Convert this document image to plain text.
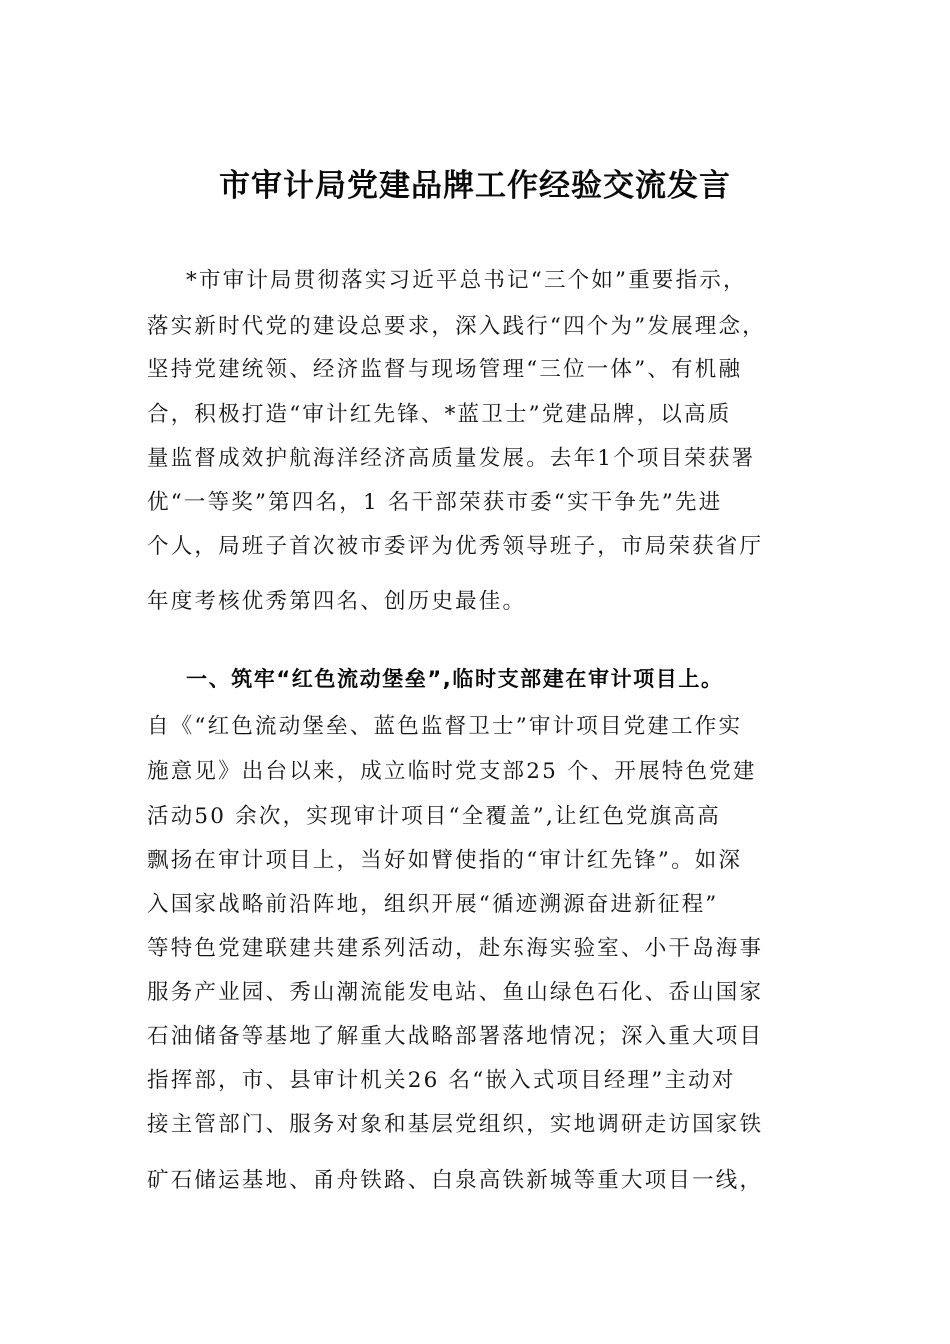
市审计局党建品牌工作经验交流发言

*市审计局贯彻落实习近平总书记“三个如”重要指示，

落实新时代党的建设总要求，深入践行“四个为”发展理念，

坚持党建统领、经济监督与现场管理“三位一体”、有机融

合，积极打造“审计红先锋、*蓝卫士”党建品牌，以高质

量监督成效护航海洋经济高质量发展。去年1个项目荣获署

优“一等奖”第四名，1 名干部荣获市委“实干争先”先进

个人，局班子首次被市委评为优秀领导班子，市局荣获省厅

年度考核优秀第四名、创历史最佳。

一、筑牢“红色流动堡垒”,临时支部建在审计项目上。

自《“红色流动堡垒、蓝色监督卫士”审计项目党建工作实

施意见》出台以来，成立临时党支部25 个、开展特色党建

活动50 余次，实现审计项目“全覆盖”,让红色党旗高高

飘扬在审计项目上，当好如臂使指的“审计红先锋”。如深

入国家战略前沿阵地，组织开展“循迹溯源奋进新征程”

等特色党建联建共建系列活动，赴东海实验室、小干岛海事

服务产业园、秀山潮流能发电站、鱼山绿色石化、岙山国家

石油储备等基地了解重大战略部署落地情况；深入重大项目

指挥部，市、县审计机关26 名“嵌入式项目经理”主动对

接主管部门、服务对象和基层党组织，实地调研走访国家铁

矿石储运基地、甬舟铁路、白泉高铁新城等重大项目一线，
